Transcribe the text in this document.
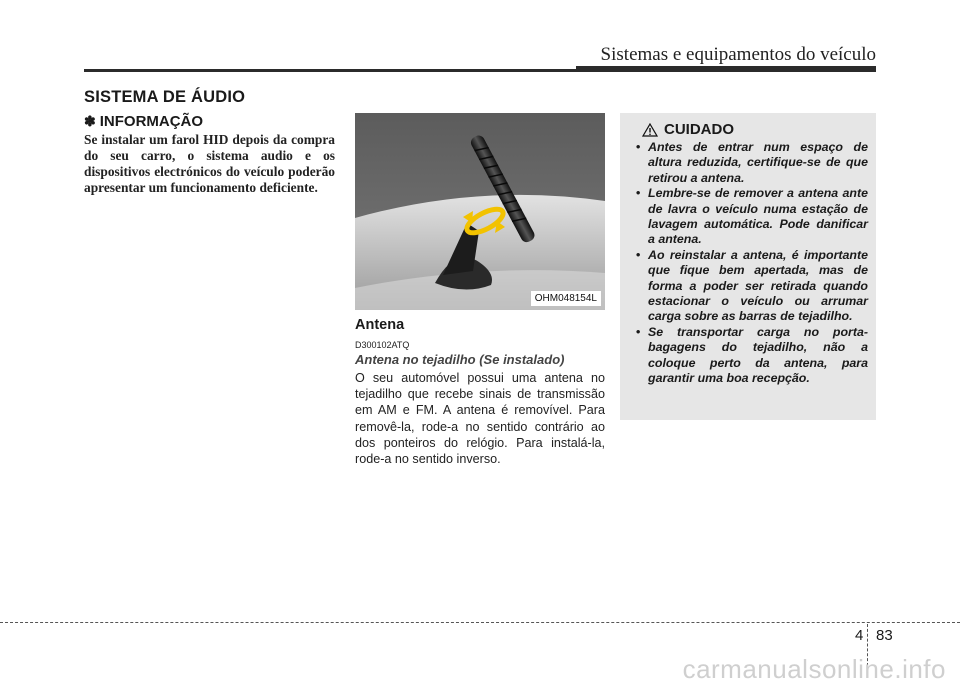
Sistemas e equipamentos do veículo
SISTEMA DE ÁUDIO
✽ INFORMAÇÃO
Se instalar um farol HID depois da compra do seu carro, o sistema audio e os dispositivos electrónicos do veículo poderão apresentar um funcionamento deficiente.
OHM048154L
Antena
D300102ATQ
Antena no tejadilho (Se instalado)
O seu automóvel possui uma antena no tejadilho que recebe sinais de transmissão em AM e FM. A antena é removível. Para removê-la, rode-a no sentido contrário ao dos ponteiros do relógio. Para instalá-la, rode-a no sentido inverso.
CUIDADO
• Antes de entrar num espaço de altura reduzida, certifique-se de que retirou a antena.
• Lembre-se de remover a antena ante de lavra o veículo numa estação de lavagem automática. Pode danificar a antena.
• Ao reinstalar a antena, é importante que fique bem apertada, mas de forma a poder ser retirada quando estacionar o veículo ou arrumar carga sobre as barras de tejadilho.
• Se transportar carga no porta-bagagens do tejadilho, não a coloque perto da antena, para garantir uma boa recepção.
4 83
carmanualsonline.info
